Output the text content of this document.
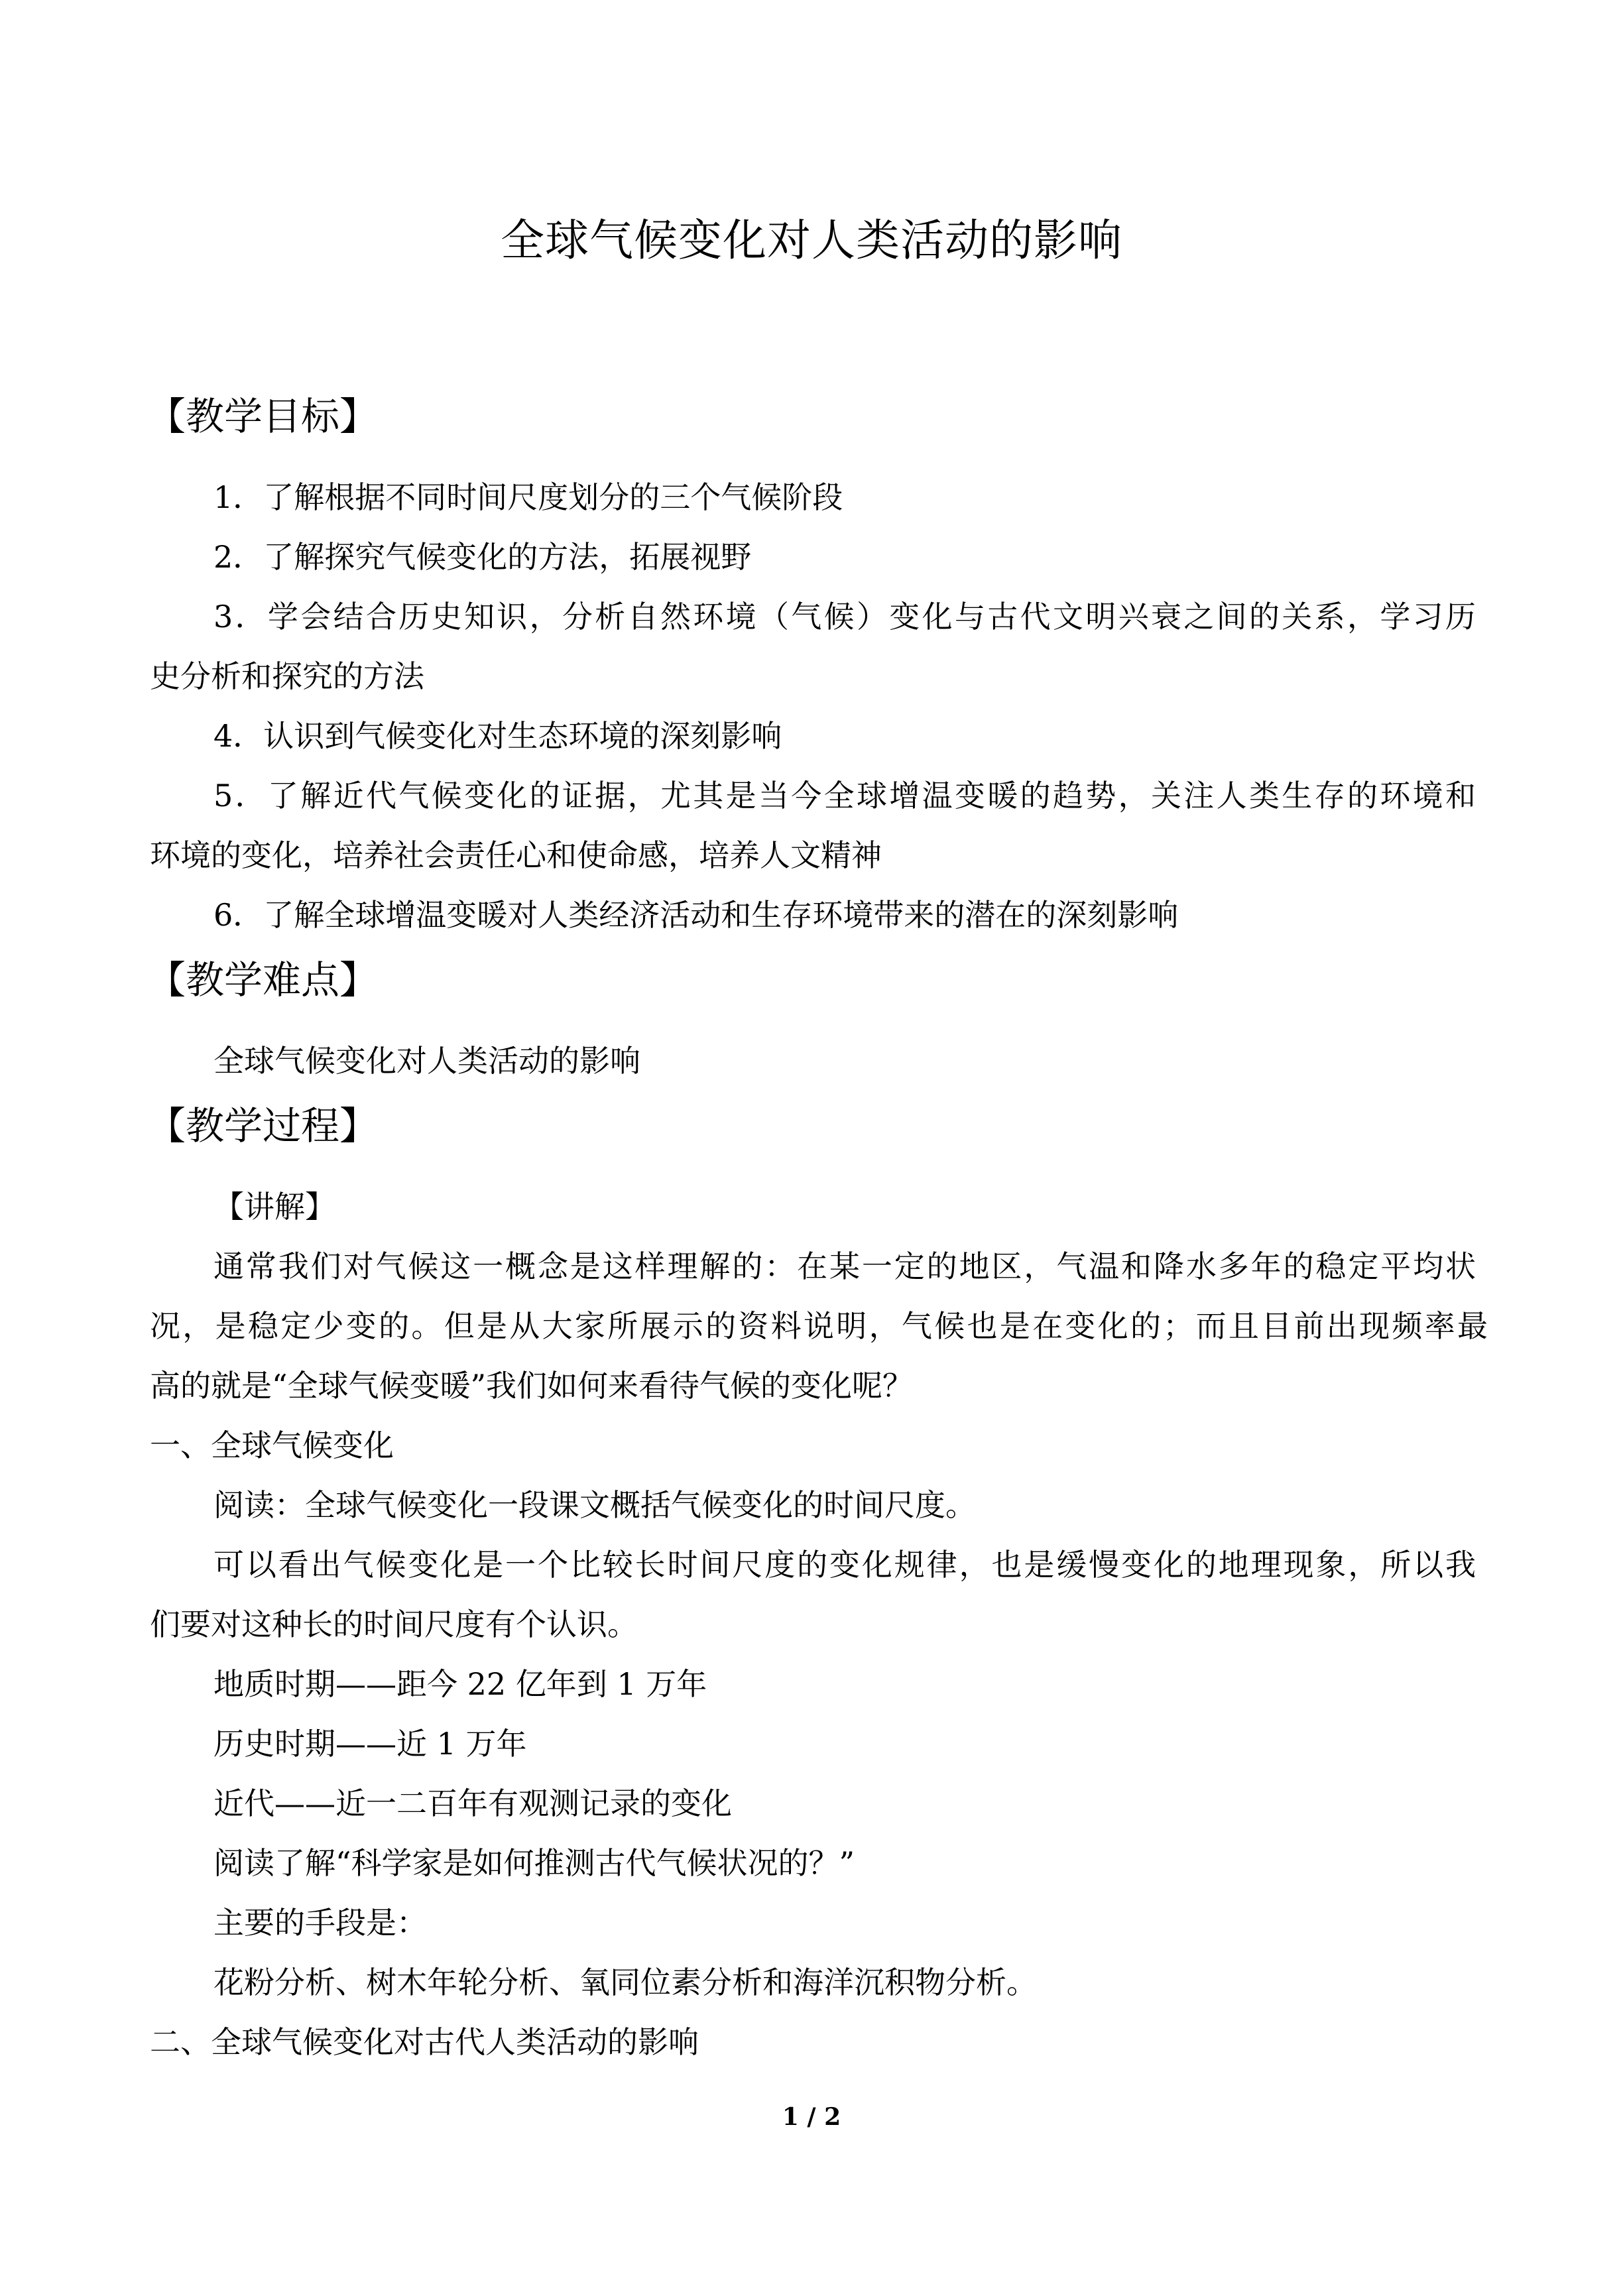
全球气候变化对人类活动的影响
【教学目标】
1．了解根据不同时间尺度划分的三个气候阶段
2．了解探究气候变化的方法，拓展视野
3．学会结合历史知识，分析自然环境（气候）变化与古代文明兴衰之间的关系，学习历
史分析和探究的方法
4．认识到气候变化对生态环境的深刻影响
5．了解近代气候变化的证据，尤其是当今全球增温变暖的趋势，关注人类生存的环境和
环境的变化，培养社会责任心和使命感，培养人文精神
6．了解全球增温变暖对人类经济活动和生存环境带来的潜在的深刻影响
【教学难点】
全球气候变化对人类活动的影响
【教学过程】
【讲解】
通常我们对气候这一概念是这样理解的：在某一定的地区，气温和降水多年的稳定平均状
况，是稳定少变的。但是从大家所展示的资料说明，气候也是在变化的；而且目前出现频率最
高的就是“全球气候变暖”我们如何来看待气候的变化呢？
一、全球气候变化
阅读：全球气候变化一段课文概括气候变化的时间尺度。
可以看出气候变化是一个比较长时间尺度的变化规律，也是缓慢变化的地理现象，所以我
们要对这种长的时间尺度有个认识。
地质时期——距今 22 亿年到 1 万年
历史时期——近 1 万年
近代——近一二百年有观测记录的变化
阅读了解“科学家是如何推测古代气候状况的？”
主要的手段是：
花粉分析、树木年轮分析、氧同位素分析和海洋沉积物分析。
二、全球气候变化对古代人类活动的影响
1 / 2
